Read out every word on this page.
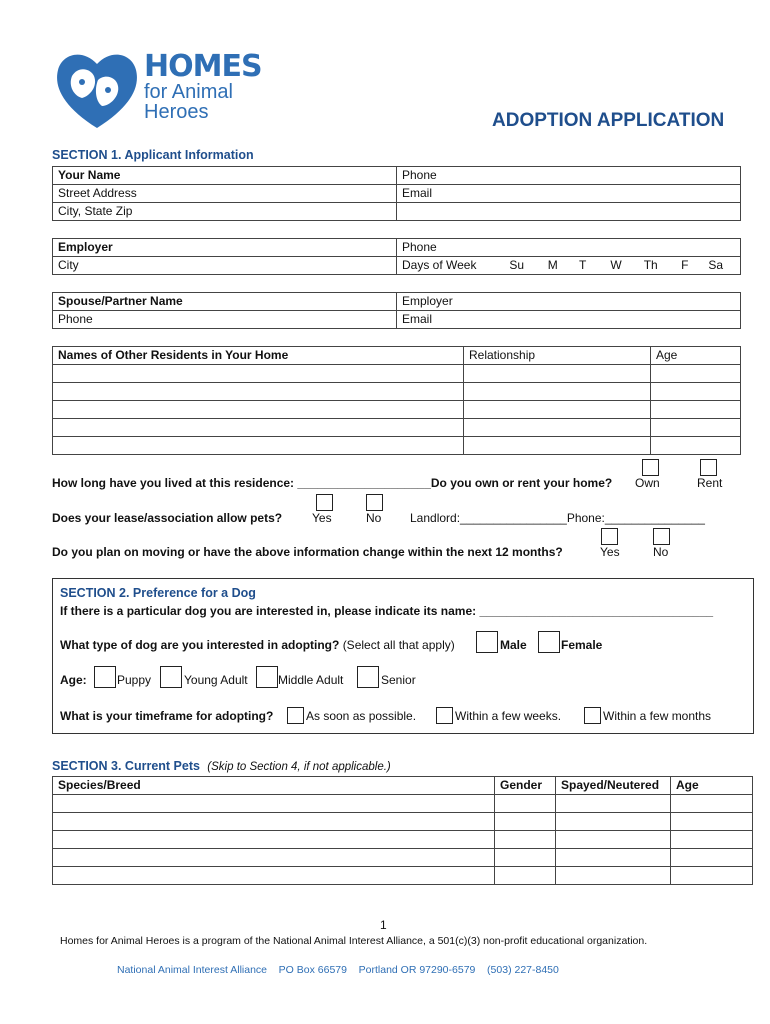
HOMES
for Animal
Heroes	ADOPTION APPLICATION
SECTION 1. Applicant Information
Your Name	Phone
Street Address	Email
City, State Zip	
Employer	Phone
City	Days of Week Su M T W Th F Sa
Spouse/Partner Name	Employer
Phone	Email
Names of Other Residents in Your Home	Relationship	Age

How long have you lived at this residence: ____________________Do you own or rent your home? Own	Rent
Does your lease/association allow pets? Yes	No Landlord:________________Phone:_______________
Do you plan on moving or have the above information change within the next 12 months?	Yes	No
SECTION 2. Preference for a Dog
If there is a particular dog you are interested in, please indicate its name: ___________________________________
What type of dog are you interested in adopting? (Select all that apply)	Male	Female
Age:	Puppy	Young Adult	Middle Adult	Senior
What is your timeframe for adopting?	As soon as possible.	Within a few weeks.	Within a few months
SECTION 3. Current Pets (Skip to Section 4, if not applicable.)
Species/Breed	Gender	Spayed/Neutered	Age

1
Homes for Animal Heroes is a program of the National Animal Interest Alliance, a 501(c)(3) non-profit educational organization.
National Animal Interest Alliance    PO Box 66579    Portland OR 97290-6579    (503) 227-8450
